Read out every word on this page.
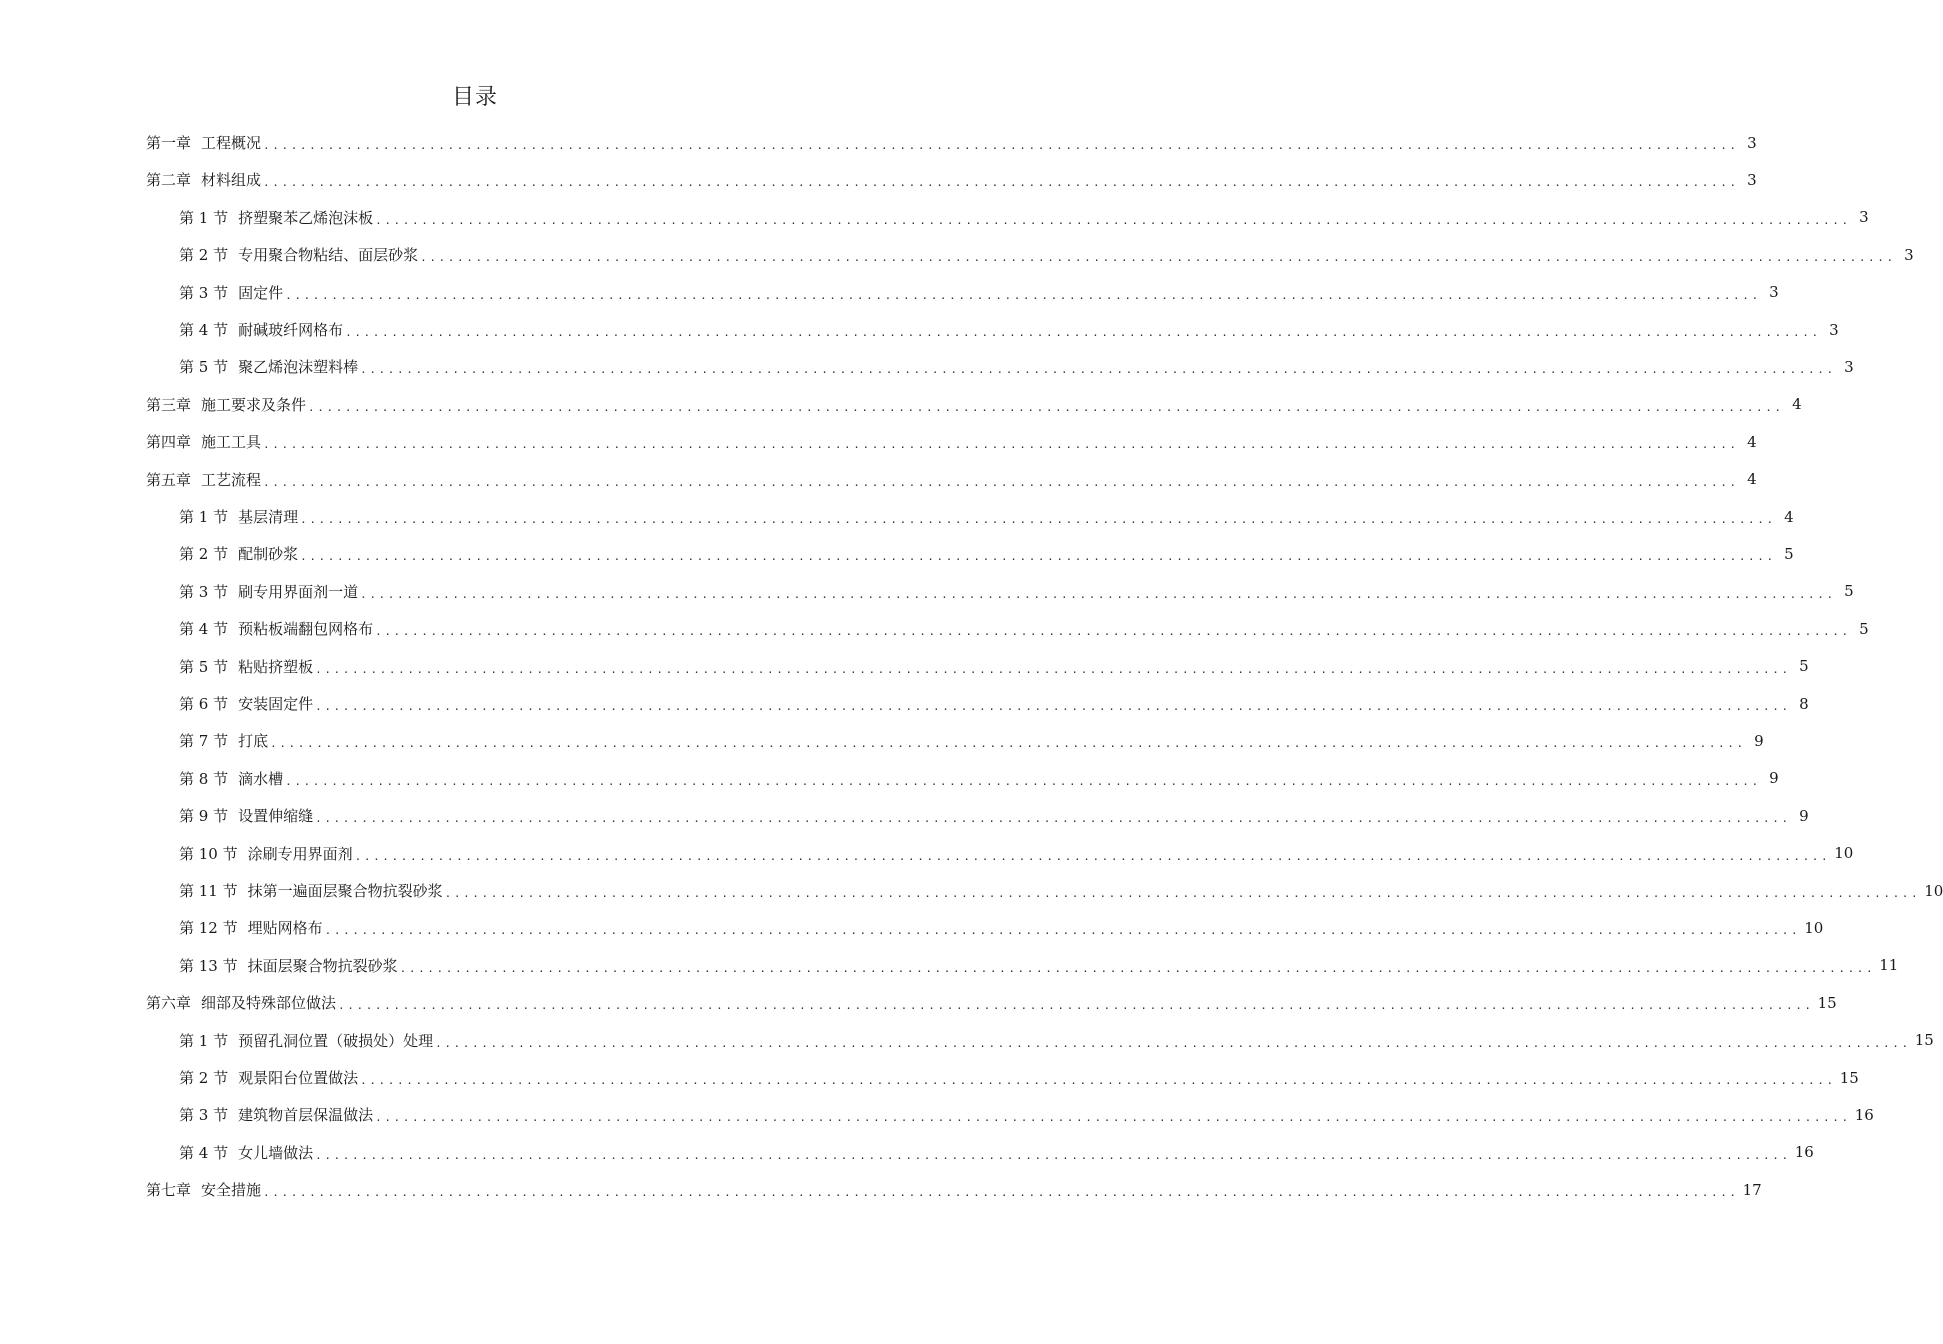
目录
第一章 工程概况 ................................................................................................................................................................ 3
第二章 材料组成 ................................................................................................................................................................ 3
第 1 节 挤塑聚苯乙烯泡沫板 ................................................................................................................................................................ 3
第 2 节 专用聚合物粘结、面层砂浆 ................................................................................................................................................................ 3
第 3 节 固定件 ................................................................................................................................................................ 3
第 4 节 耐碱玻纤网格布 ................................................................................................................................................................ 3
第 5 节 聚乙烯泡沫塑料棒 ................................................................................................................................................................ 3
第三章 施工要求及条件 ................................................................................................................................................................ 4
第四章 施工工具 ................................................................................................................................................................ 4
第五章 工艺流程 ................................................................................................................................................................ 4
第 1 节 基层清理 ................................................................................................................................................................ 4
第 2 节 配制砂浆 ................................................................................................................................................................ 5
第 3 节 刷专用界面剂一道 ................................................................................................................................................................ 5
第 4 节 预粘板端翻包网格布 ................................................................................................................................................................ 5
第 5 节 粘贴挤塑板 ................................................................................................................................................................ 5
第 6 节 安装固定件 ................................................................................................................................................................ 8
第 7 节 打底 ................................................................................................................................................................ 9
第 8 节 滴水槽 ................................................................................................................................................................ 9
第 9 节 设置伸缩缝 ................................................................................................................................................................ 9
第 10 节 涂刷专用界面剂 ................................................................................................................................................................ 10
第 11 节 抹第一遍面层聚合物抗裂砂浆 ................................................................................................................................................................ 10
第 12 节 埋贴网格布 ................................................................................................................................................................ 10
第 13 节 抹面层聚合物抗裂砂浆 ................................................................................................................................................................ 11
第六章 细部及特殊部位做法 ................................................................................................................................................................ 15
第 1 节 预留孔洞位置（破损处）处理 ................................................................................................................................................................ 15
第 2 节 观景阳台位置做法 ................................................................................................................................................................ 15
第 3 节 建筑物首层保温做法 ................................................................................................................................................................ 16
第 4 节 女儿墙做法 ................................................................................................................................................................ 16
第七章 安全措施 ................................................................................................................................................................ 17
